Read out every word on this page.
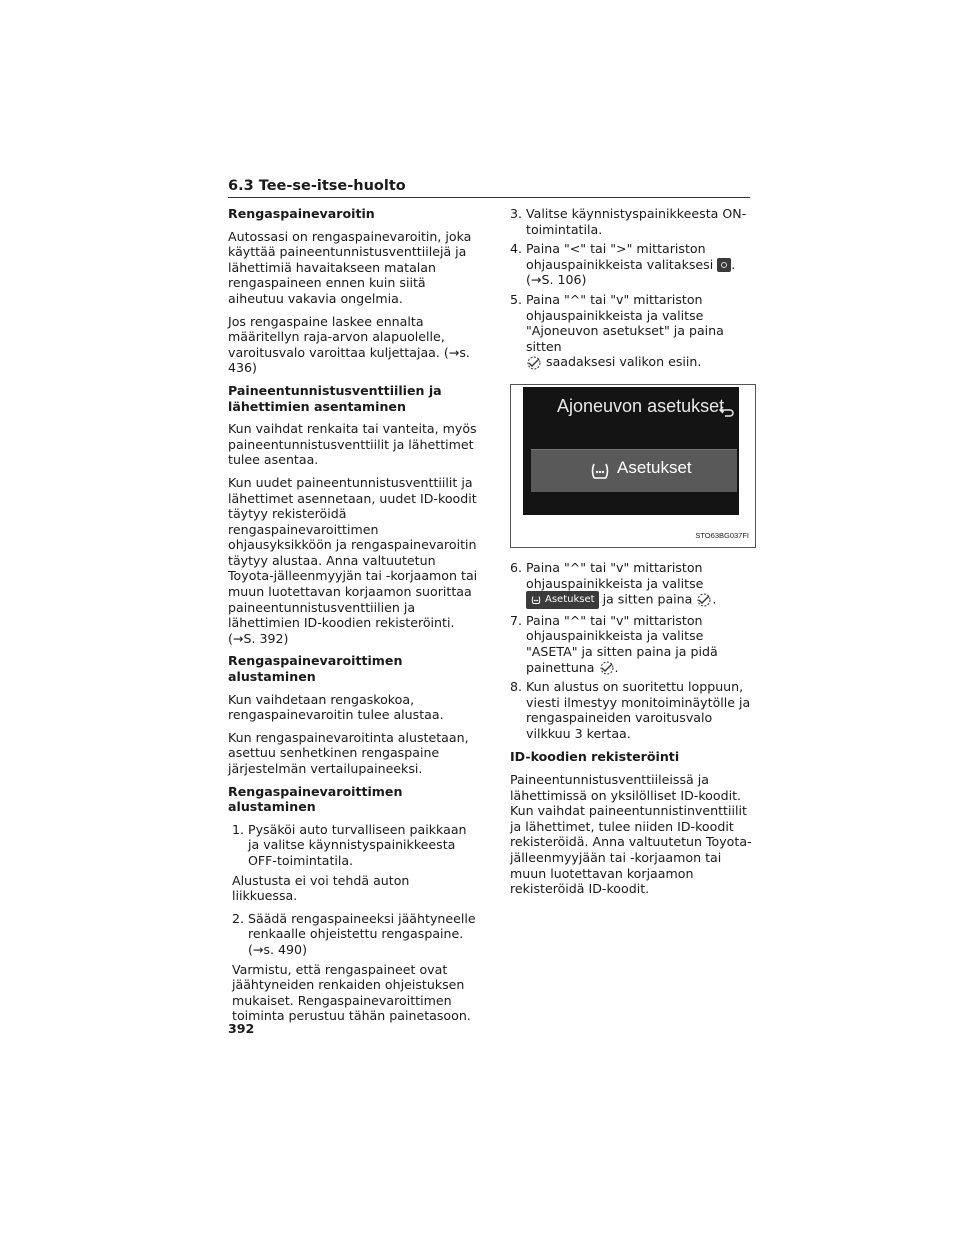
6.3 Tee-se-itse-huolto
Rengaspainevaroitin

Autossasi on rengaspainevaroitin, joka käyttää paineentunnistusventtiilejä ja lähettimiä havaitakseen matalan rengaspaineen ennen kuin siitä aiheutuu vakavia ongelmia.

Jos rengaspaine laskee ennalta määritellyn raja-arvon alapuolelle, varoitusvalo varoittaa kuljettajaa. (→s. 436)

Paineentunnistusventtiilien ja lähettimien asentaminen

Kun vaihdat renkaita tai vanteita, myös paineentunnistusventtiilit ja lähettimet tulee asentaa.

Kun uudet paineentunnistusventtiilit ja lähettimet asennetaan, uudet ID-koodit täytyy rekisteröidä rengaspainevaroittimen ohjausyksikköön ja rengaspainevaroitin täytyy alustaa. Anna valtuutetun Toyota-jälleenmyyjän tai -korjaamon tai muun luotettavan korjaamon suorittaa paineentunnistusventtiilien ja lähettimien ID-koodien rekisteröinti. (→S. 392)

Rengaspainevaroittimen alustaminen

Kun vaihdetaan rengaskokoa, rengaspainevaroitin tulee alustaa.

Kun rengaspainevaroitinta alustetaan, asettuu senhetkinen rengaspaine järjestelmän vertailupaineeksi.

Rengaspainevaroittimen alustaminen
1. Pysäköi auto turvalliseen paikkaan ja valitse käynnistyspainikkeesta OFF-toimintatila.

Alustusta ei voi tehdä auton liikkuessa.

2. Säädä rengaspaineeksi jäähtyneelle renkaalle ohjeistettu rengaspaine. (→s. 490)

Varmistu, että rengaspaineet ovat jäähtyneiden renkaiden ohjeistuksen mukaiset. Rengaspainevaroittimen toiminta perustuu tähän painetasoon.

3. Valitse käynnistyspainikkeesta ON-toimintatila.
4. Paina "<" tai ">" mittariston ohjauspainikkeista valitaksesi .
(→S. 106)
5. Paina "^" tai "v" mittariston ohjauspainikkeista ja valitse "Ajoneuvon asetukset" ja paina sitten
saadaksesi valikon esiin.
Ajoneuvon asetukset
Asetukset
STO63BG037FI
6. Paina "^" tai "v" mittariston ohjauspainikkeista ja valitse

Asetukset ja sitten paina .
7. Paina "^" tai "v" mittariston ohjauspainikkeista ja valitse "ASETA" ja sitten paina ja pidä painettuna .
8. Kun alustus on suoritettu loppuun, viesti ilmestyy monitoiminäytölle ja rengaspaineiden varoitusvalo vilkkuu 3 kertaa.
ID-koodien rekisteröinti

Paineentunnistusventtiileissä ja lähettimissä on yksilölliset ID-koodit. Kun vaihdat paineentunnistinventtiilit ja lähettimet, tulee niiden ID-koodit rekisteröidä. Anna valtuutetun Toyota-jälleenmyyjään tai -korjaamon tai muun luotettavan korjaamon rekisteröidä ID-koodit.

392
